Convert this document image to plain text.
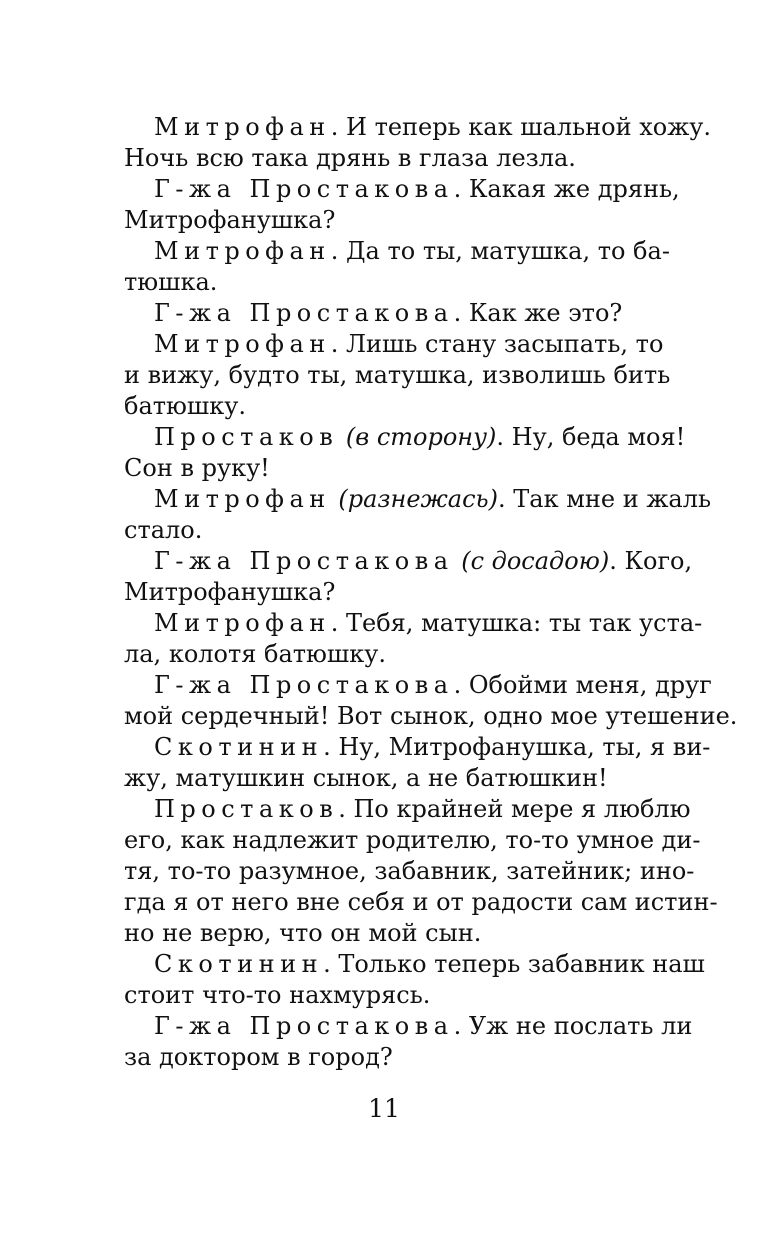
Митрофан. И теперь как шальной хожу.
Ночь всю така дрянь в глаза лезла.
Г-жа Простакова. Какая же дрянь,
Митрофанушка?
Митрофан. Да то ты, матушка, то ба-
тюшка.
Г-жа Простакова. Как же это?
Митрофан. Лишь стану засыпать, то
и вижу, будто ты, матушка, изволишь бить
батюшку.
Простаков (в сторону). Ну, беда моя!
Сон в руку!
Митрофан (разнежась). Так мне и жаль
стало.
Г-жа Простакова (с досадою). Кого,
Митрофанушка?
Митрофан. Тебя, матушка: ты так уста-
ла, колотя батюшку.
Г-жа Простакова. Обойми меня, друг
мой сердечный! Вот сынок, одно мое утешение.
Скотинин. Ну, Митрофанушка, ты, я ви-
жу, матушкин сынок, а не батюшкин!
Простаков. По крайней мере я люблю
его, как надлежит родителю, то-то умное ди-
тя, то-то разумное, забавник, затейник; ино-
гда я от него вне себя и от радости сам истин-
но не верю, что он мой сын.
Скотинин. Только теперь забавник наш
стоит что-то нахмурясь.
Г-жа Простакова. Уж не послать ли
за доктором в город?
11
